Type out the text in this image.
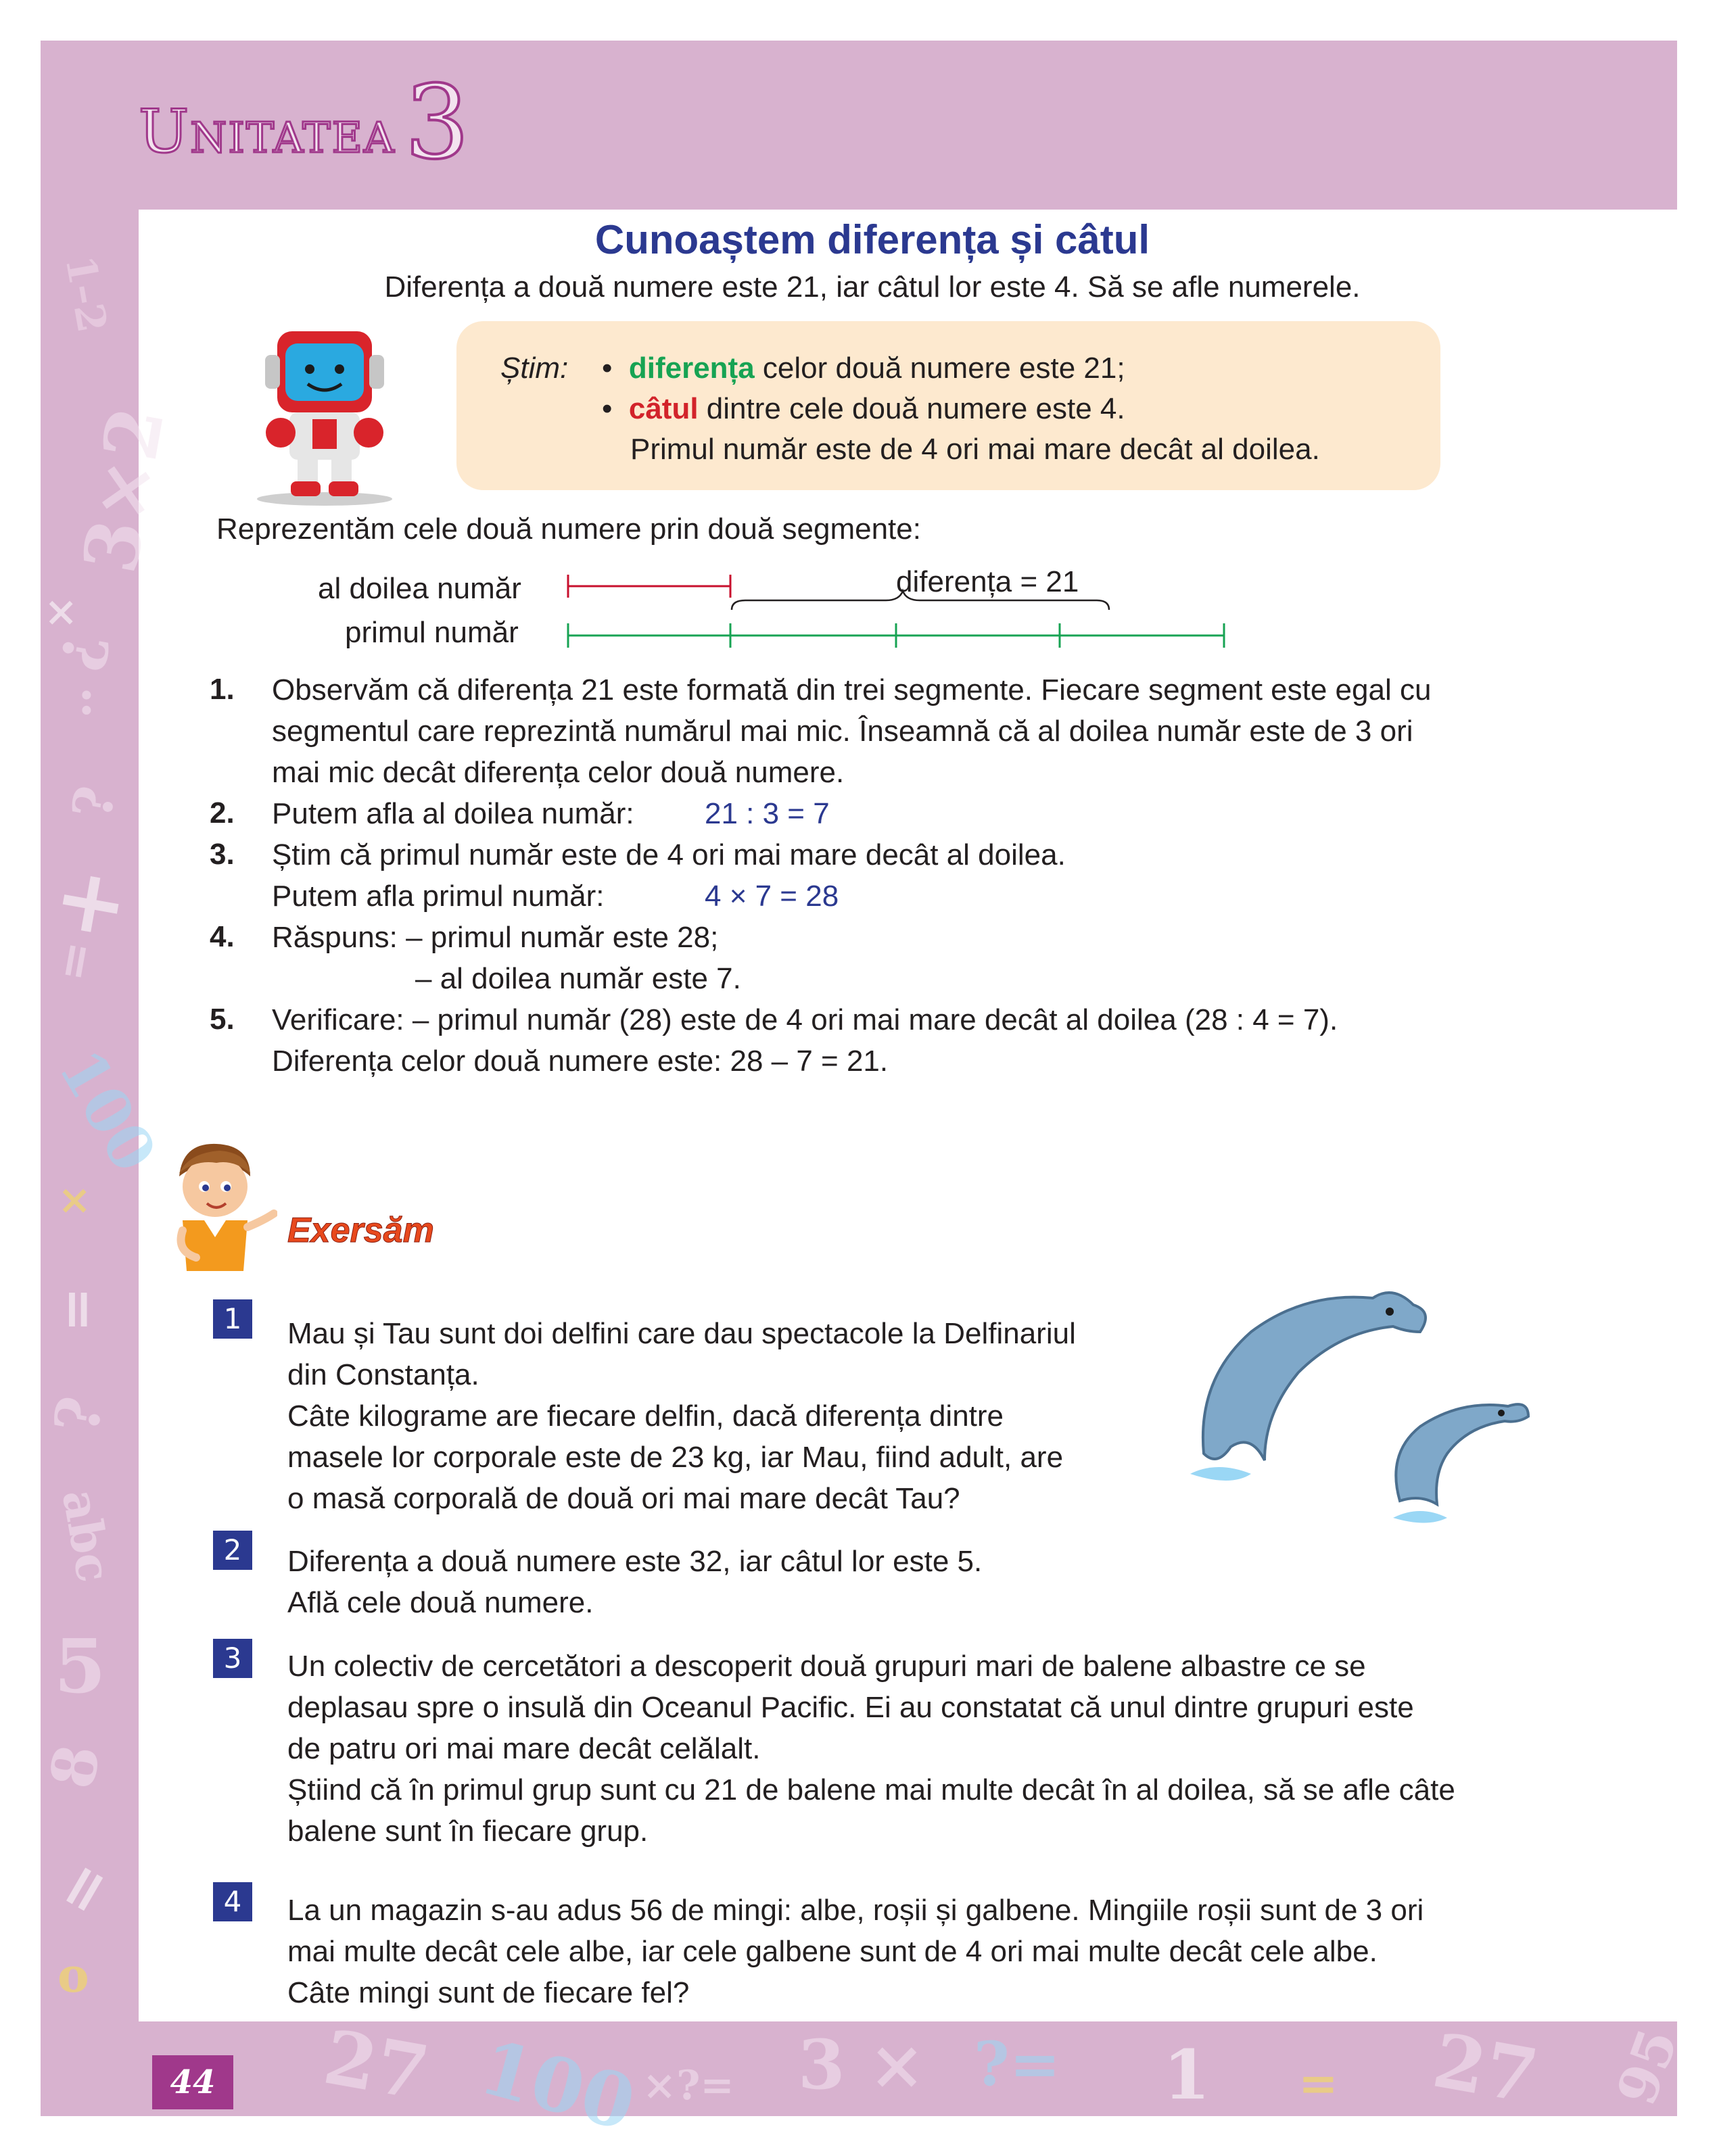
1–2
3×2
×
¿
:
?
+
=
100
×
=
?
abc
5
8
=
o
27 100
×?= 3 × ?= 1 = 27 95
Unitatea3
Cunoaștem diferența și câtul
Diferența a două numere este 21, iar câtul lor este 4. Să se afle numerele.
Știm: •  diferența celor două numere este 21;
•  câtul dintre cele două numere este 4.
Primul număr este de 4 ori mai mare decât al doilea.
Reprezentăm cele două numere prin două segmente:
al doilea număr
primul număr
diferența = 21
1. Observăm că diferența 21 este formată din trei segmente. Fiecare segment este egal cu
segmentul care reprezintă numărul mai mic. Înseamnă că al doilea număr este de 3 ori
mai mic decât diferența celor două numere.
2. Putem afla al doilea număr: 21 : 3 = 7
3. Știm că primul număr este de 4 ori mai mare decât al doilea.
Putem afla primul număr:	4 × 7 = 28
4. Răspuns: – primul număr este 28;
– al doilea număr este 7.
5. Verificare: – primul număr (28) este de 4 ori mai mare decât al doilea (28 : 4 = 7).
Diferența celor două numere este: 28 – 7 = 21.
Exersăm
1	Mau și Tau sunt doi delfini care dau spectacole la Delfinariul
din Constanța.
Câte kilograme are fiecare delfin, dacă diferența dintre
masele lor corporale este de 23 kg, iar Mau, fiind adult, are
o masă corporală de două ori mai mare decât Tau?
2	Diferența a două numere este 32, iar câtul lor este 5.
Află cele două numere.
3	Un colectiv de cercetători a descoperit două grupuri mari de balene albastre ce se
deplasau spre o insulă din Oceanul Pacific. Ei au constatat că unul dintre grupuri este
de patru ori mai mare decât celălalt.
Știind că în primul grup sunt cu 21 de balene mai multe decât în al doilea, să se afle câte
balene sunt în fiecare grup.
4	La un magazin s-au adus 56 de mingi: albe, roșii și galbene. Mingiile roșii sunt de 3 ori
mai multe decât cele albe, iar cele galbene sunt de 4 ori mai multe decât cele albe.
Câte mingi sunt de fiecare fel?
44
